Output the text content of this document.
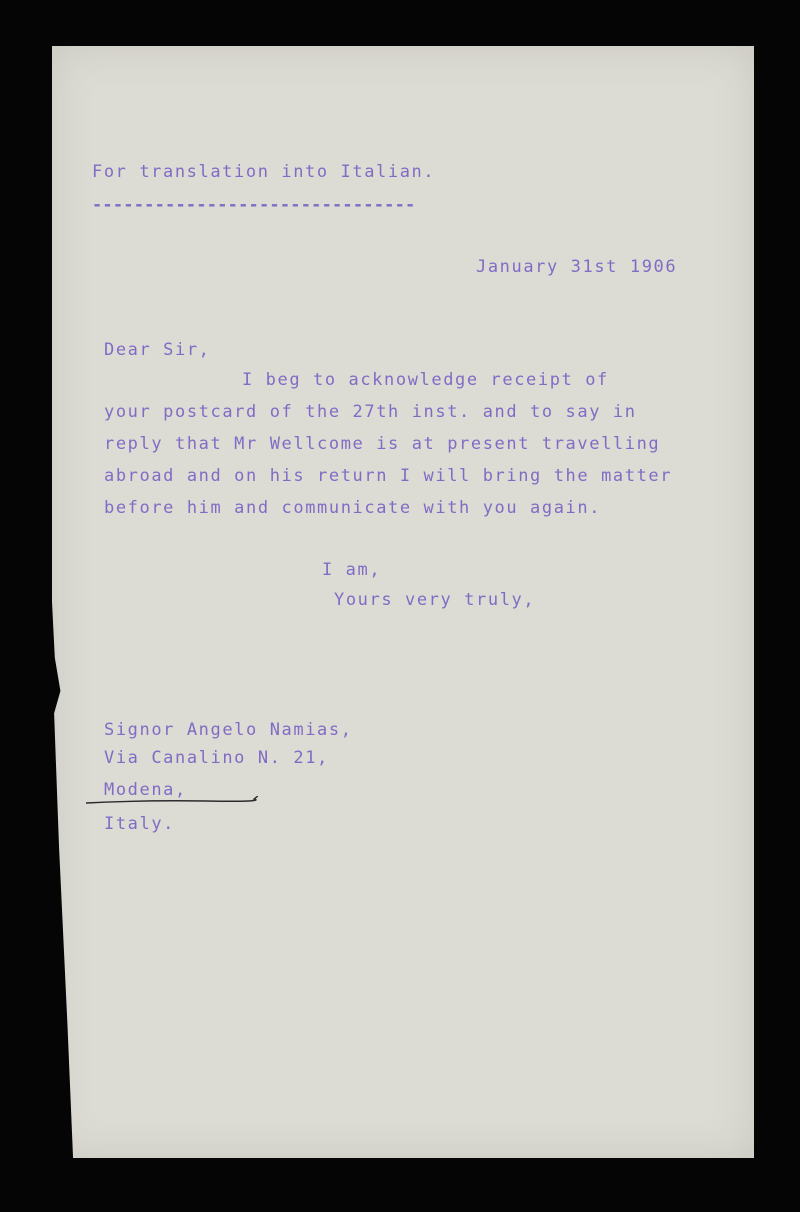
For translation into Italian.
-------------------------------
January 31st 1906
Dear Sir,
I beg to acknowledge receipt of
your postcard of the 27th inst. and to say in
reply that Mr Wellcome is at present travelling
abroad and on his return I will bring the matter
before him and communicate with you again.
I am,
Yours very truly,
Signor Angelo Namias,
Via Canalino N. 21,
Modena,
Italy.
